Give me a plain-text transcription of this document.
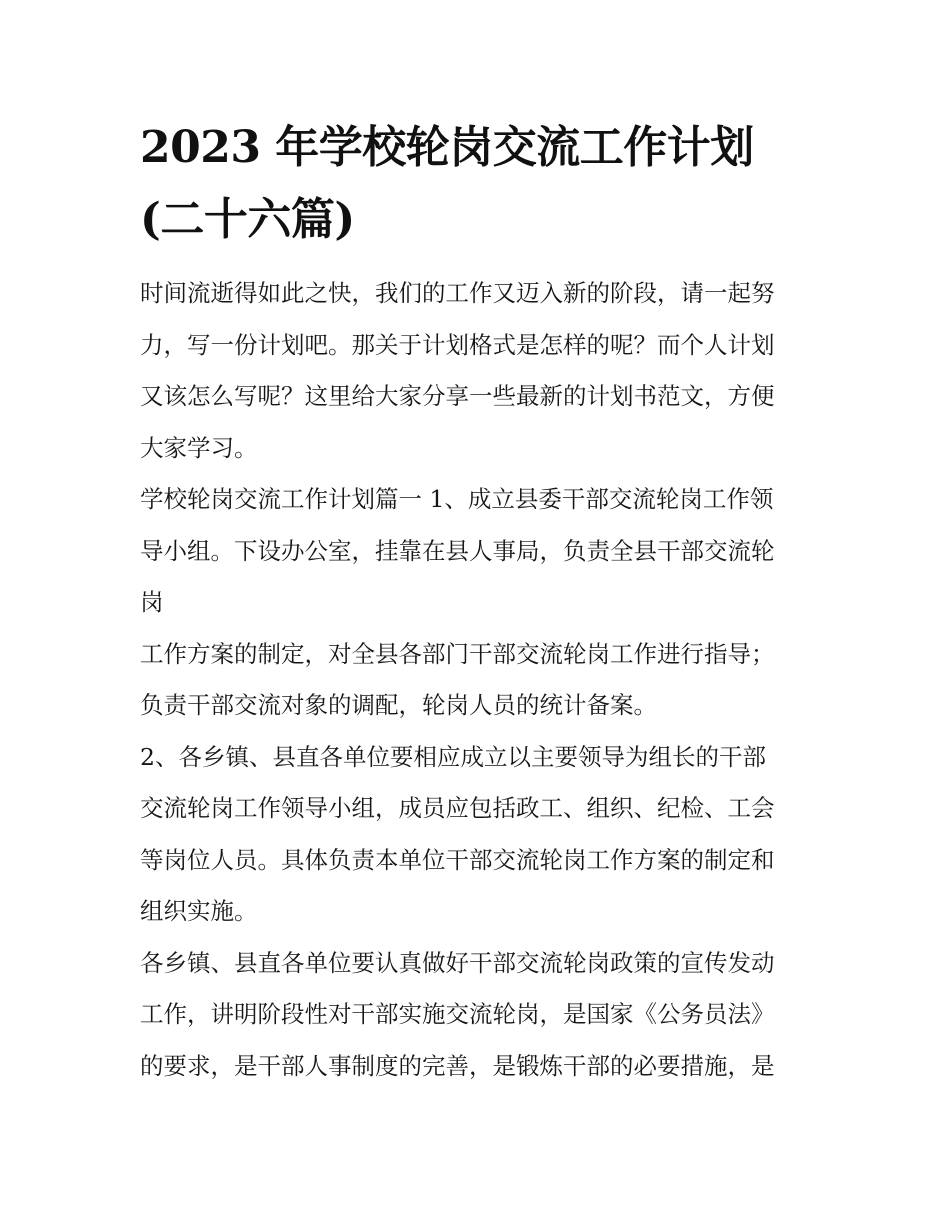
2023 年学校轮岗交流工作计划
(二十六篇)
时间流逝得如此之快，我们的工作又迈入新的阶段，请一起努
力，写一份计划吧。那关于计划格式是怎样的呢？而个人计划
又该怎么写呢？这里给大家分享一些最新的计划书范文，方便
大家学习。
学校轮岗交流工作计划篇一 1、成立县委干部交流轮岗工作领
导小组。下设办公室，挂靠在县人事局，负责全县干部交流轮
岗
工作方案的制定，对全县各部门干部交流轮岗工作进行指导；
负责干部交流对象的调配，轮岗人员的统计备案。
2、各乡镇、县直各单位要相应成立以主要领导为组长的干部
交流轮岗工作领导小组，成员应包括政工、组织、纪检、工会
等岗位人员。具体负责本单位干部交流轮岗工作方案的制定和
组织实施。
各乡镇、县直各单位要认真做好干部交流轮岗政策的宣传发动
工作，讲明阶段性对干部实施交流轮岗，是国家《公务员法》
的要求，是干部人事制度的完善，是锻炼干部的必要措施，是
